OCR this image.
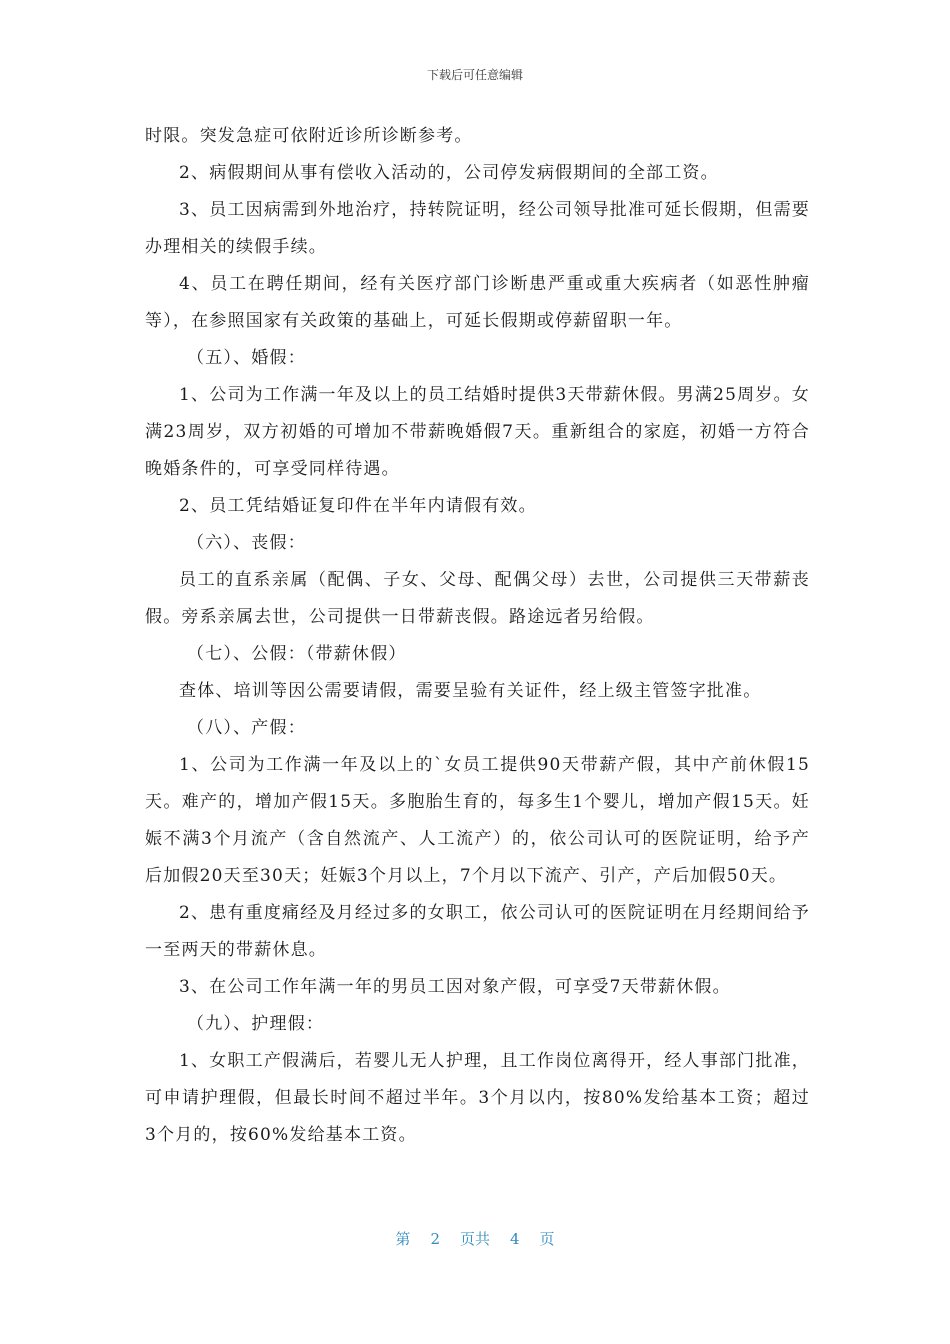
下载后可任意编辑

时限。突发急症可依附近诊所诊断参考。

2、病假期间从事有偿收入活动的，公司停发病假期间的全部工资。

3、员工因病需到外地治疗，持转院证明，经公司领导批准可延长假期，但需要办理相关的续假手续。

4、员工在聘任期间，经有关医疗部门诊断患严重或重大疾病者（如恶性肿瘤等），在参照国家有关政策的基础上，可延长假期或停薪留职一年。

（五）、婚假：

1、公司为工作满一年及以上的员工结婚时提供3天带薪休假。男满25周岁。女满23周岁，双方初婚的可增加不带薪晚婚假7天。重新组合的家庭，初婚一方符合晚婚条件的，可享受同样待遇。

2、员工凭结婚证复印件在半年内请假有效。

（六）、丧假：

员工的直系亲属（配偶、子女、父母、配偶父母）去世，公司提供三天带薪丧假。旁系亲属去世，公司提供一日带薪丧假。路途远者另给假。

（七）、公假：（带薪休假）

查体、培训等因公需要请假，需要呈验有关证件，经上级主管签字批准。

（八）、产假：

1、公司为工作满一年及以上的`女员工提供90天带薪产假，其中产前休假15天。难产的，增加产假15天。多胞胎生育的，每多生1个婴儿，增加产假15天。妊娠不满3个月流产（含自然流产、人工流产）的，依公司认可的医院证明，给予产后加假20天至30天；妊娠3个月以上，7个月以下流产、引产，产后加假50天。

2、患有重度痛经及月经过多的女职工，依公司认可的医院证明在月经期间给予一至两天的带薪休息。

3、在公司工作年满一年的男员工因对象产假，可享受7天带薪休假。

（九）、护理假：

1、女职工产假满后，若婴儿无人护理，且工作岗位离得开，经人事部门批准，可申请护理假，但最长时间不超过半年。3个月以内，按80%发给基本工资；超过3个月的，按60%发给基本工资。

第 2 页共 4 页
